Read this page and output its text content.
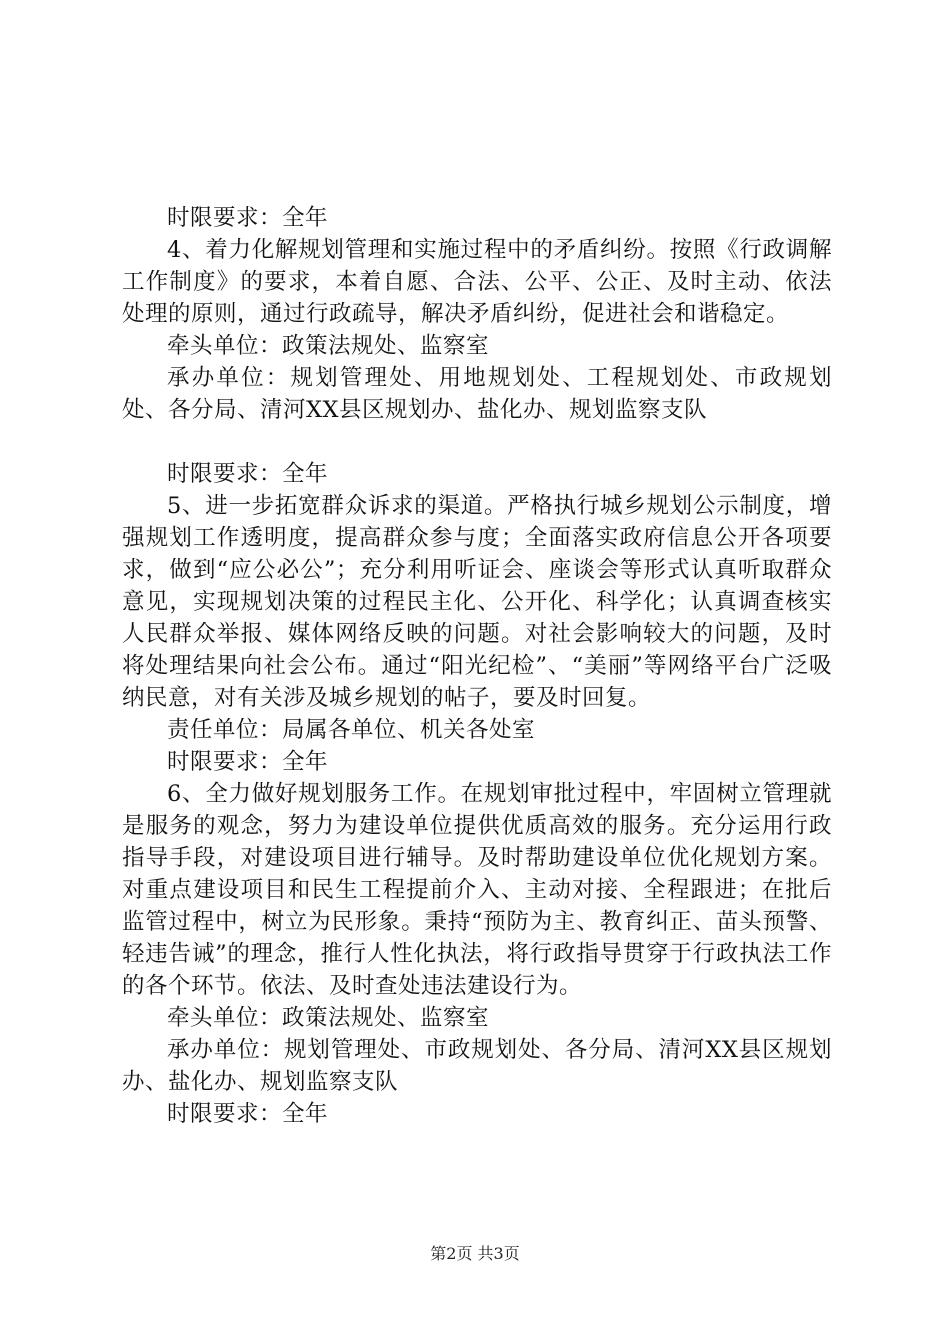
时限要求：全年

4、着力化解规划管理和实施过程中的矛盾纠纷。按照《行政调解工作制度》的要求，本着自愿、合法、公平、公正、及时主动、依法处理的原则，通过行政疏导，解决矛盾纠纷，促进社会和谐稳定。

牵头单位：政策法规处、监察室

承办单位：规划管理处、用地规划处、工程规划处、市政规划处、各分局、清河XX县区规划办、盐化办、规划监察支队

时限要求：全年

5、进一步拓宽群众诉求的渠道。严格执行城乡规划公示制度，增强规划工作透明度，提高群众参与度；全面落实政府信息公开各项要求，做到“应公必公”；充分利用听证会、座谈会等形式认真听取群众意见，实现规划决策的过程民主化、公开化、科学化；认真调查核实人民群众举报、媒体网络反映的问题。对社会影响较大的问题，及时将处理结果向社会公布。通过“阳光纪检”、“美丽”等网络平台广泛吸纳民意，对有关涉及城乡规划的帖子，要及时回复。

责任单位：局属各单位、机关各处室

时限要求：全年

6、全力做好规划服务工作。在规划审批过程中，牢固树立管理就是服务的观念，努力为建设单位提供优质高效的服务。充分运用行政指导手段，对建设项目进行辅导。及时帮助建设单位优化规划方案。对重点建设项目和民生工程提前介入、主动对接、全程跟进；在批后监管过程中，树立为民形象。秉持“预防为主、教育纠正、苗头预警、轻违告诫”的理念，推行人性化执法，将行政指导贯穿于行政执法工作的各个环节。依法、及时查处违法建设行为。

牵头单位：政策法规处、监察室

承办单位：规划管理处、市政规划处、各分局、清河XX县区规划办、盐化办、规划监察支队

时限要求：全年

第2页 共3页
